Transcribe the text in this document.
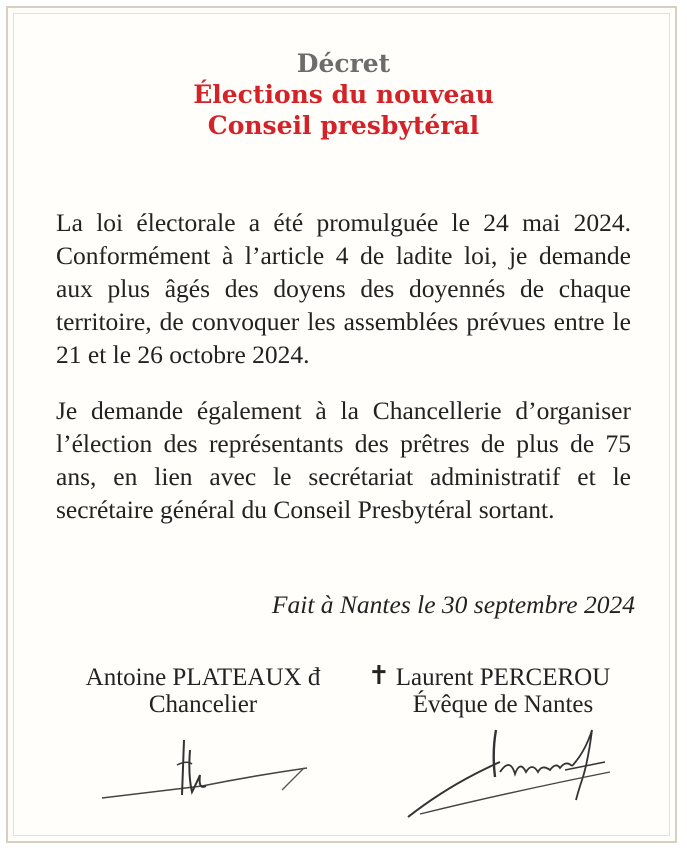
Décret
Élections du nouveau
Conseil presbytéral
La loi électorale a été promulguée le 24 mai 2024. Conformément à l’article 4 de ladite loi, je demande aux plus âgés des doyens des doyennés de chaque territoire, de convoquer les assemblées prévues entre le 21 et le 26 octobre 2024.
Je demande également à la Chancellerie d’organiser l’élection des représentants des prêtres de plus de 75 ans, en lien avec le secrétariat administratif et le secrétaire général du Conseil Presbytéral sortant.
Fait à Nantes le 30 septembre 2024
Antoine PLATEAUX đ
Chancelier
✝ Laurent PERCEROU
Évêque de Nantes
